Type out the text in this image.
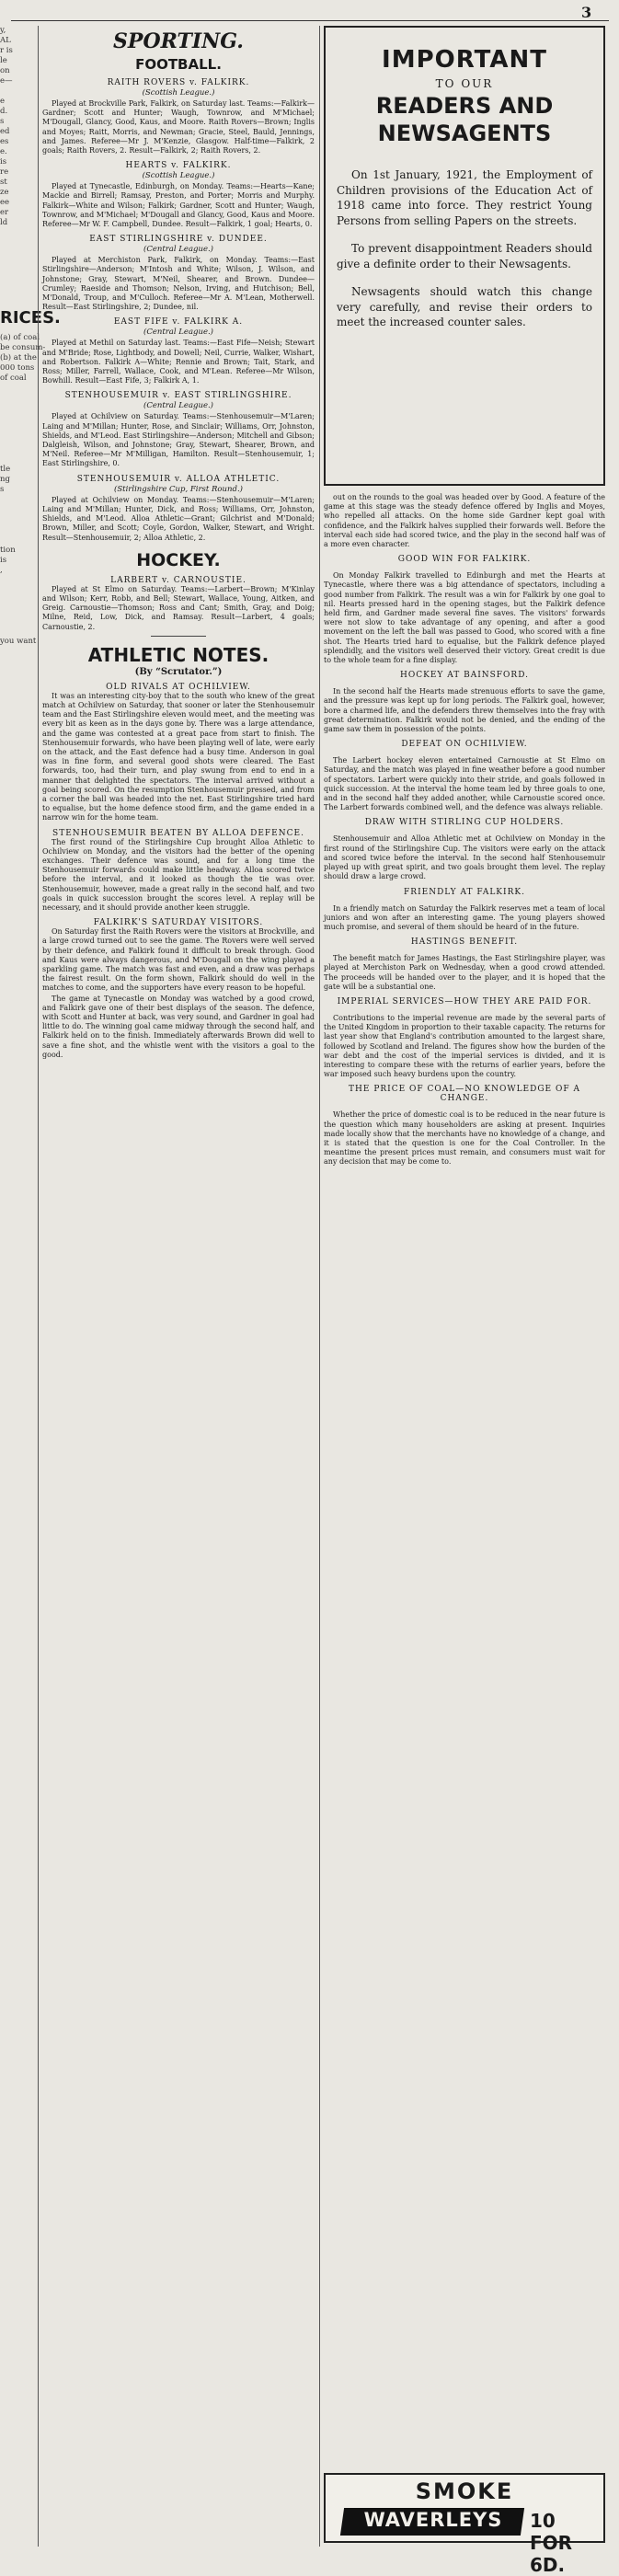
3
y,
AL
r is
le
on
e—

e
d.
s
ed
es
e.
is
re
st
ze
ee
er
ld

RICES.
(a) of coal
be consum-
(b) at the
000 tons
of coal

tle
ng
s

tion
is
,

you want
SPORTING.
FOOTBALL.
RAITH ROVERS v. FALKIRK.
(Scottish League.)

Played at Brockville Park, Falkirk, on Saturday last. Teams:—Falkirk—Gardner; Scott and Hunter; Waugh, Townrow, and M'Michael; M'Dougall, Glancy, Good, Kaus, and Moore. Raith Rovers—Brown; Inglis and Moyes; Raitt, Morris, and Newman; Gracie, Steel, Bauld, Jennings, and James. Referee—Mr J. M'Kenzie, Glasgow. Half-time—Falkirk, 2 goals; Raith Rovers, 2. Result—Falkirk, 2; Raith Rovers, 2.

HEARTS v. FALKIRK.
(Scottish League.)

Played at Tynecastle, Edinburgh, on Monday. Teams:—Hearts—Kane; Mackie and Birrell; Ramsay, Preston, and Porter; Morris and Murphy. Falkirk—White and Wilson; Falkirk; Gardner, Scott and Hunter; Waugh, Townrow, and M'Michael; M'Dougall and Glancy, Good, Kaus and Moore. Referee—Mr W. F. Campbell, Dundee. Result—Falkirk, 1 goal; Hearts, 0.

EAST STIRLINGSHIRE v. DUNDEE.
(Central League.)

Played at Merchiston Park, Falkirk, on Monday. Teams:—East Stirlingshire—Anderson; M'Intosh and White; Wilson, J. Wilson, and Johnstone; Gray, Stewart, M'Neil, Shearer, and Brown. Dundee—Crumley; Raeside and Thomson; Nelson, Irving, and Hutchison; Bell, M'Donald, Troup, and M'Culloch. Referee—Mr A. M'Lean, Motherwell. Result—East Stirlingshire, 2; Dundee, nil.

EAST FIFE v. FALKIRK A.
(Central League.)

Played at Methil on Saturday last. Teams:—East Fife—Neish; Stewart and M'Bride; Rose, Lightbody, and Dowell; Neil, Currie, Walker, Wishart, and Robertson. Falkirk A—White; Rennie and Brown; Tait, Stark, and Ross; Miller, Farrell, Wallace, Cook, and M'Lean. Referee—Mr Wilson, Bowhill. Result—East Fife, 3; Falkirk A, 1.

STENHOUSEMUIR v. EAST STIRLINGSHIRE.
(Central League.)

Played at Ochilview on Saturday. Teams:—Stenhousemuir—M'Laren; Laing and M'Millan; Hunter, Rose, and Sinclair; Williams, Orr, Johnston, Shields, and M'Leod. East Stirlingshire—Anderson; Mitchell and Gibson; Dalgleish, Wilson, and Johnstone; Gray, Stewart, Shearer, Brown, and M'Neil. Referee—Mr M'Milligan, Hamilton. Result—Stenhousemuir, 1; East Stirlingshire, 0.

STENHOUSEMUIR v. ALLOA ATHLETIC.
(Stirlingshire Cup, First Round.)

Played at Ochilview on Monday. Teams:—Stenhousemuir—M'Laren; Laing and M'Millan; Hunter, Dick, and Ross; Williams, Orr, Johnston, Shields, and M'Leod. Alloa Athletic—Grant; Gilchrist and M'Donald; Brown, Miller, and Scott; Coyle, Gordon, Walker, Stewart, and Wright. Result—Stenhousemuir, 2; Alloa Athletic, 2.

HOCKEY.
LARBERT v. CARNOUSTIE.

Played at St Elmo on Saturday. Teams:—Larbert—Brown; M'Kinlay and Wilson; Kerr, Robb, and Bell; Stewart, Wallace, Young, Aitken, and Greig. Carnoustie—Thomson; Ross and Cant; Smith, Gray, and Doig; Milne, Reid, Low, Dick, and Ramsay. Result—Larbert, 4 goals; Carnoustie, 2.

ATHLETIC NOTES.
(By “Scrutator.”)
OLD RIVALS AT OCHILVIEW.

It was an interesting city-boy that to the south who knew of the great match at Ochilview on Saturday, that sooner or later the Stenhousemuir team and the East Stirlingshire eleven would meet, and the meeting was every bit as keen as in the days gone by. There was a large attendance, and the game was contested at a great pace from start to finish. The Stenhousemuir forwards, who have been playing well of late, were early on the attack, and the East defence had a busy time. Anderson in goal was in fine form, and several good shots were cleared. The East forwards, too, had their turn, and play swung from end to end in a manner that delighted the spectators. The interval arrived without a goal being scored. On the resumption Stenhousemuir pressed, and from a corner the ball was headed into the net. East Stirlingshire tried hard to equalise, but the home defence stood firm, and the game ended in a narrow win for the home team.

STENHOUSEMUIR BEATEN BY ALLOA DEFENCE.

The first round of the Stirlingshire Cup brought Alloa Athletic to Ochilview on Monday, and the visitors had the better of the opening exchanges. Their defence was sound, and for a long time the Stenhousemuir forwards could make little headway. Alloa scored twice before the interval, and it looked as though the tie was over. Stenhousemuir, however, made a great rally in the second half, and two goals in quick succession brought the scores level. A replay will be necessary, and it should provide another keen struggle.

FALKIRK'S SATURDAY VISITORS.

On Saturday first the Raith Rovers were the visitors at Brockville, and a large crowd turned out to see the game. The Rovers were well served by their defence, and Falkirk found it difficult to break through. Good and Kaus were always dangerous, and M'Dougall on the wing played a sparkling game. The match was fast and even, and a draw was perhaps the fairest result. On the form shown, Falkirk should do well in the matches to come, and the supporters have every reason to be hopeful.

The game at Tynecastle on Monday was watched by a good crowd, and Falkirk gave one of their best displays of the season. The defence, with Scott and Hunter at back, was very sound, and Gardner in goal had little to do. The winning goal came midway through the second half, and Falkirk held on to the finish. Immediately afterwards Brown did well to save a fine shot, and the whistle went with the visitors a goal to the good.

IMPORTANT
TO OUR
READERS AND
NEWSAGENTS

On 1st January, 1921, the Employment of Children provisions of the Education Act of 1918 came into force. They restrict Young Persons from selling Papers on the streets.

To prevent disappointment Readers should give a definite order to their Newsagents.

Newsagents should watch this change very carefully, and revise their orders to meet the increased counter sales.

out on the rounds to the goal was headed over by Good. A feature of the game at this stage was the steady defence offered by Inglis and Moyes, who repelled all attacks. On the home side Gardner kept goal with confidence, and the Falkirk halves supplied their forwards well. Before the interval each side had scored twice, and the play in the second half was of a more even character.

GOOD WIN FOR FALKIRK.

On Monday Falkirk travelled to Edinburgh and met the Hearts at Tynecastle, where there was a big attendance of spectators, including a good number from Falkirk. The result was a win for Falkirk by one goal to nil. Hearts pressed hard in the opening stages, but the Falkirk defence held firm, and Gardner made several fine saves. The visitors' forwards were not slow to take advantage of any opening, and after a good movement on the left the ball was passed to Good, who scored with a fine shot. The Hearts tried hard to equalise, but the Falkirk defence played splendidly, and the visitors well deserved their victory. Great credit is due to the whole team for a fine display.

HOCKEY AT BAINSFORD.

In the second half the Hearts made strenuous efforts to save the game, and the pressure was kept up for long periods. The Falkirk goal, however, bore a charmed life, and the defenders threw themselves into the fray with great determination. Falkirk would not be denied, and the ending of the game saw them in possession of the points.

DEFEAT ON OCHILVIEW.

The Larbert hockey eleven entertained Carnoustie at St Elmo on Saturday, and the match was played in fine weather before a good number of spectators. Larbert were quickly into their stride, and goals followed in quick succession. At the interval the home team led by three goals to one, and in the second half they added another, while Carnoustie scored once. The Larbert forwards combined well, and the defence was always reliable.

DRAW WITH STIRLING CUP HOLDERS.

Stenhousemuir and Alloa Athletic met at Ochilview on Monday in the first round of the Stirlingshire Cup. The visitors were early on the attack and scored twice before the interval. In the second half Stenhousemuir played up with great spirit, and two goals brought them level. The replay should draw a large crowd.

FRIENDLY AT FALKIRK.

In a friendly match on Saturday the Falkirk reserves met a team of local juniors and won after an interesting game. The young players showed much promise, and several of them should be heard of in the future.

HASTINGS BENEFIT.

The benefit match for James Hastings, the East Stirlingshire player, was played at Merchiston Park on Wednesday, when a good crowd attended. The proceeds will be handed over to the player, and it is hoped that the gate will be a substantial one.

IMPERIAL SERVICES—HOW THEY ARE PAID FOR.

Contributions to the imperial revenue are made by the several parts of the United Kingdom in proportion to their taxable capacity. The returns for last year show that England's contribution amounted to the largest share, followed by Scotland and Ireland. The figures show how the burden of the war debt and the cost of the imperial services is divided, and it is interesting to compare these with the returns of earlier years, before the war imposed such heavy burdens upon the country.

THE PRICE OF COAL—NO KNOWLEDGE OF A CHANGE.

Whether the price of domestic coal is to be reduced in the near future is the question which many householders are asking at present. Inquiries made locally show that the merchants have no knowledge of a change, and it is stated that the question is one for the Coal Controller. In the meantime the present prices must remain, and consumers must wait for any decision that may be come to.

SMOKE
WAVERLEYS	10 FOR 6D.
